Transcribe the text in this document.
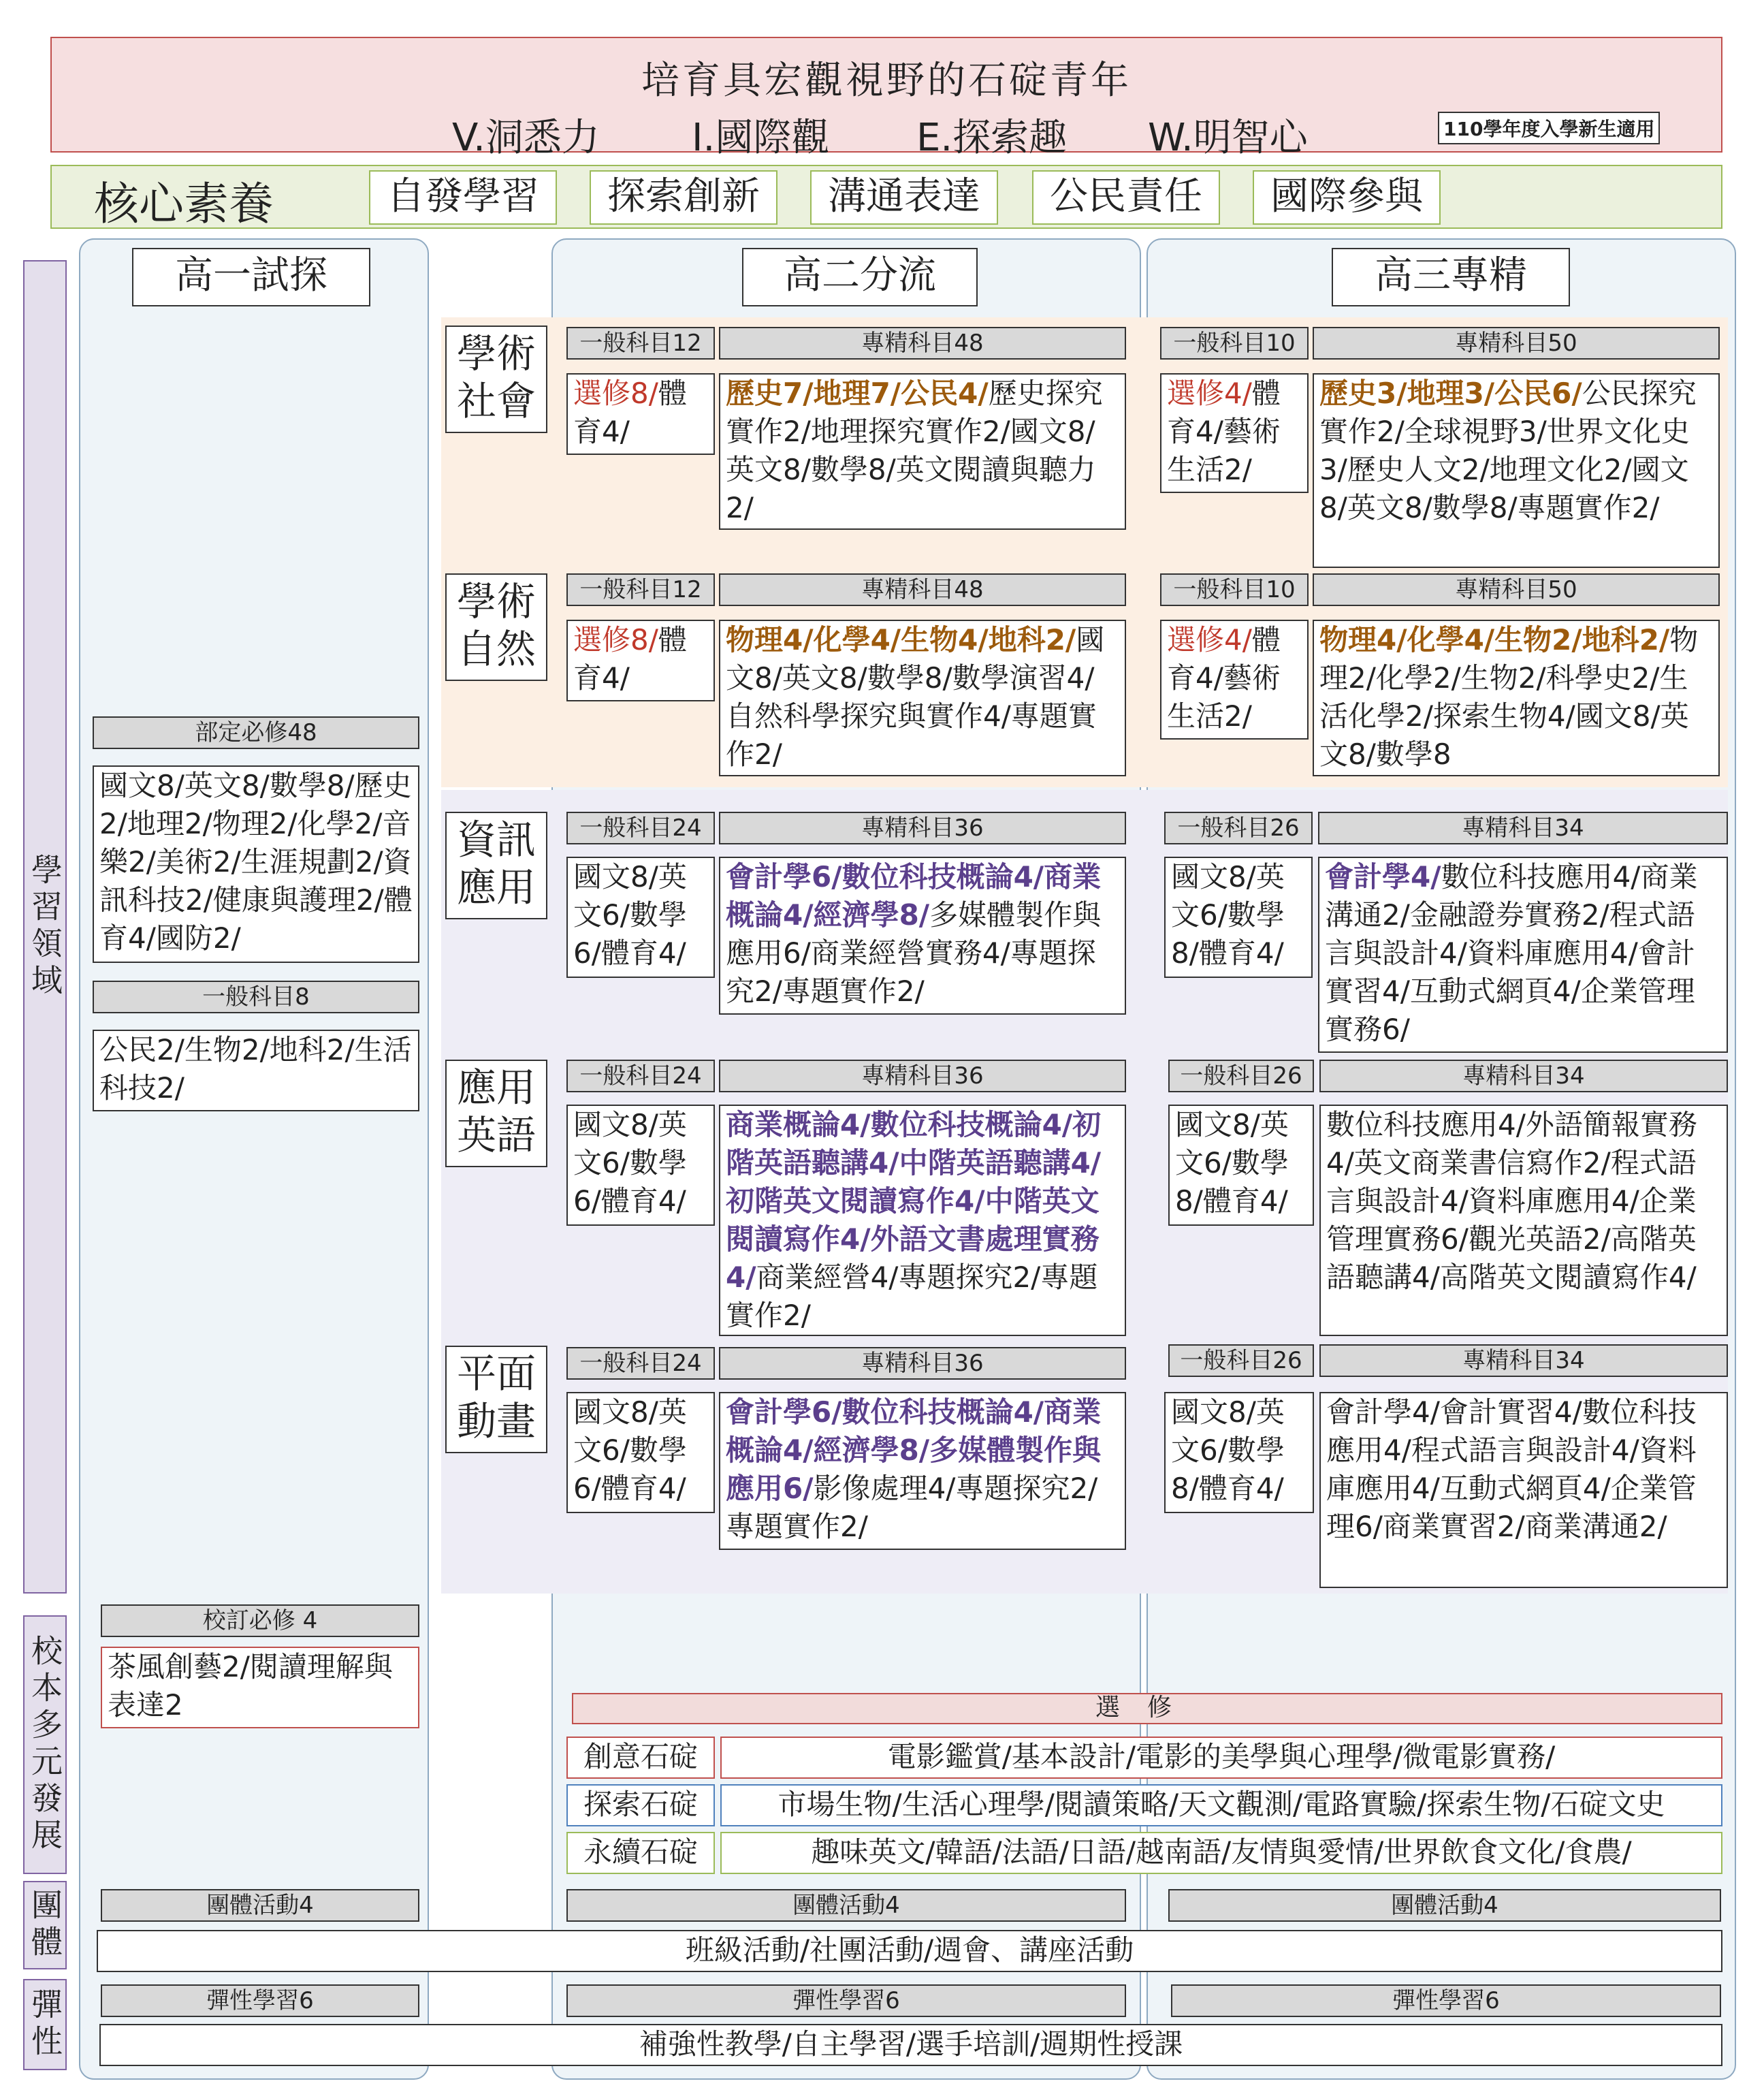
培育具宏觀視野的石碇青年
V.洞悉力 I.國際觀 E.探索趣 W.明智心	110學年度入學新生適用
核心素養	自發學習	探索創新	溝通表達	公民責任	國際參與
學習領域
校本多元發展
團體
彈性
高一試探	高二分流	高三專精
學術社會
學術自然
資訊應用
應用英語
平面動畫
部定必修48
國文8/英文8/數學8/歷史2/地理2/物理2/化學2/音樂2/美術2/生涯規劃2/資訊科技2/健康與護理2/體育4/國防2/
一般科目8
公民2/生物2/地科2/生活科技2/
校訂必修 4
茶風創藝2/閱讀理解與表達2
團體活動4
彈性學習6
一般科目12	專精科目48
選修8/體育4/
歷史7/地理7/公民4/歷史探究實作2/地理探究實作2/國文8/英文8/數學8/英文閱讀與聽力2/
一般科目12	專精科目48
選修8/體育4/
物理4/化學4/生物4/地科2/國文8/英文8/數學8/數學演習4/自然科學探究與實作4/專題實作2/
一般科目24	專精科目36
國文8/英文6/數學6/體育4/
會計學6/數位科技概論4/商業概論4/經濟學8/多媒體製作與應用6/商業經營實務4/專題探究2/專題實作2/
一般科目24	專精科目36
國文8/英文6/數學6/體育4/
商業概論4/數位科技概論4/初階英語聽講4/中階英語聽講4/初階英文閱讀寫作4/中階英文閱讀寫作4/外語文書處理實務4/商業經營4/專題探究2/專題實作2/
一般科目24	專精科目36
國文8/英文6/數學6/體育4/
會計學6/數位科技概論4/商業概論4/經濟學8/多媒體製作與應用6/影像處理4/專題探究2/專題實作2/
一般科目10	專精科目50
選修4/體育4/藝術生活2/
歷史3/地理3/公民6/公民探究實作2/全球視野3/世界文化史3/歷史人文2/地理文化2/國文8/英文8/數學8/專題實作2/
一般科目10	專精科目50
選修4/體育4/藝術生活2/
物理4/化學4/生物2/地科2/物理2/化學2/生物2/科學史2/生活化學2/探索生物4/國文8/英文8/數學8
一般科目26	專精科目34
國文8/英文6/數學8/體育4/
會計學4/數位科技應用4/商業溝通2/金融證券實務2/程式語言與設計4/資料庫應用4/會計實習4/互動式網頁4/企業管理實務6/
一般科目26	專精科目34
國文8/英文6/數學8/體育4/
數位科技應用4/外語簡報實務4/英文商業書信寫作2/程式語言與設計4/資料庫應用4/企業管理實務6/觀光英語2/高階英語聽講4/高階英文閱讀寫作4/
一般科目26	專精科目34
國文8/英文6/數學8/體育4/
會計學4/會計實習4/數位科技應用4/程式語言與設計4/資料庫應用4/互動式網頁4/企業管理6/商業實習2/商業溝通2/
選修
創意石碇	電影鑑賞/基本設計/電影的美學與心理學/微電影實務/
探索石碇	市場生物/生活心理學/閱讀策略/天文觀測/電路實驗/探索生物/石碇文史
永續石碇	趣味英文/韓語/法語/日語/越南語/友情與愛情/世界飲食文化/食農/
團體活動4	團體活動4
班級活動/社團活動/週會、講座活動
彈性學習6	彈性學習6
補強性教學/自主學習/選手培訓/週期性授課
